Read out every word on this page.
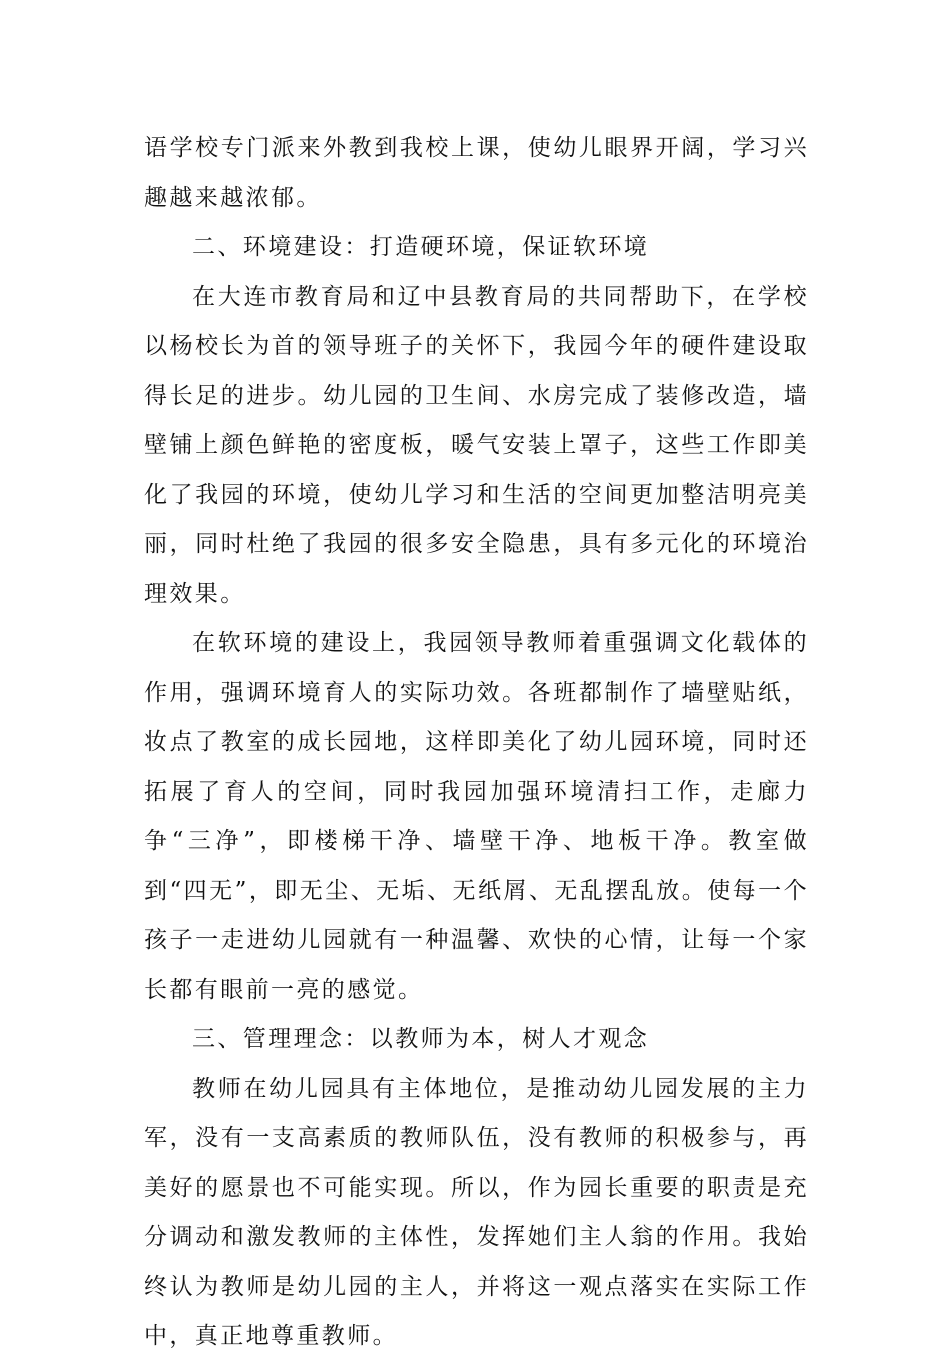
语学校专门派来外教到我校上课，使幼儿眼界开阔，学习兴趣越来越浓郁。

二、环境建设：打造硬环境，保证软环境

在大连市教育局和辽中县教育局的共同帮助下，在学校以杨校长为首的领导班子的关怀下，我园今年的硬件建设取得长足的进步。幼儿园的卫生间、水房完成了装修改造，墙壁铺上颜色鲜艳的密度板，暖气安装上罩子，这些工作即美化了我园的环境，使幼儿学习和生活的空间更加整洁明亮美丽，同时杜绝了我园的很多安全隐患，具有多元化的环境治理效果。

在软环境的建设上，我园领导教师着重强调文化载体的作用，强调环境育人的实际功效。各班都制作了墙壁贴纸，妆点了教室的成长园地，这样即美化了幼儿园环境，同时还拓展了育人的空间，同时我园加强环境清扫工作，走廊力争“三净”，即楼梯干净、墙壁干净、地板干净。教室做到“四无”，即无尘、无垢、无纸屑、无乱摆乱放。使每一个孩子一走进幼儿园就有一种温馨、欢快的心情，让每一个家长都有眼前一亮的感觉。

三、管理理念：以教师为本，树人才观念

教师在幼儿园具有主体地位，是推动幼儿园发展的主力军，没有一支高素质的教师队伍，没有教师的积极参与，再美好的愿景也不可能实现。所以，作为园长重要的职责是充分调动和激发教师的主体性，发挥她们主人翁的作用。我始终认为教师是幼儿园的主人，并将这一观点落实在实际工作中，真正地尊重教师。
